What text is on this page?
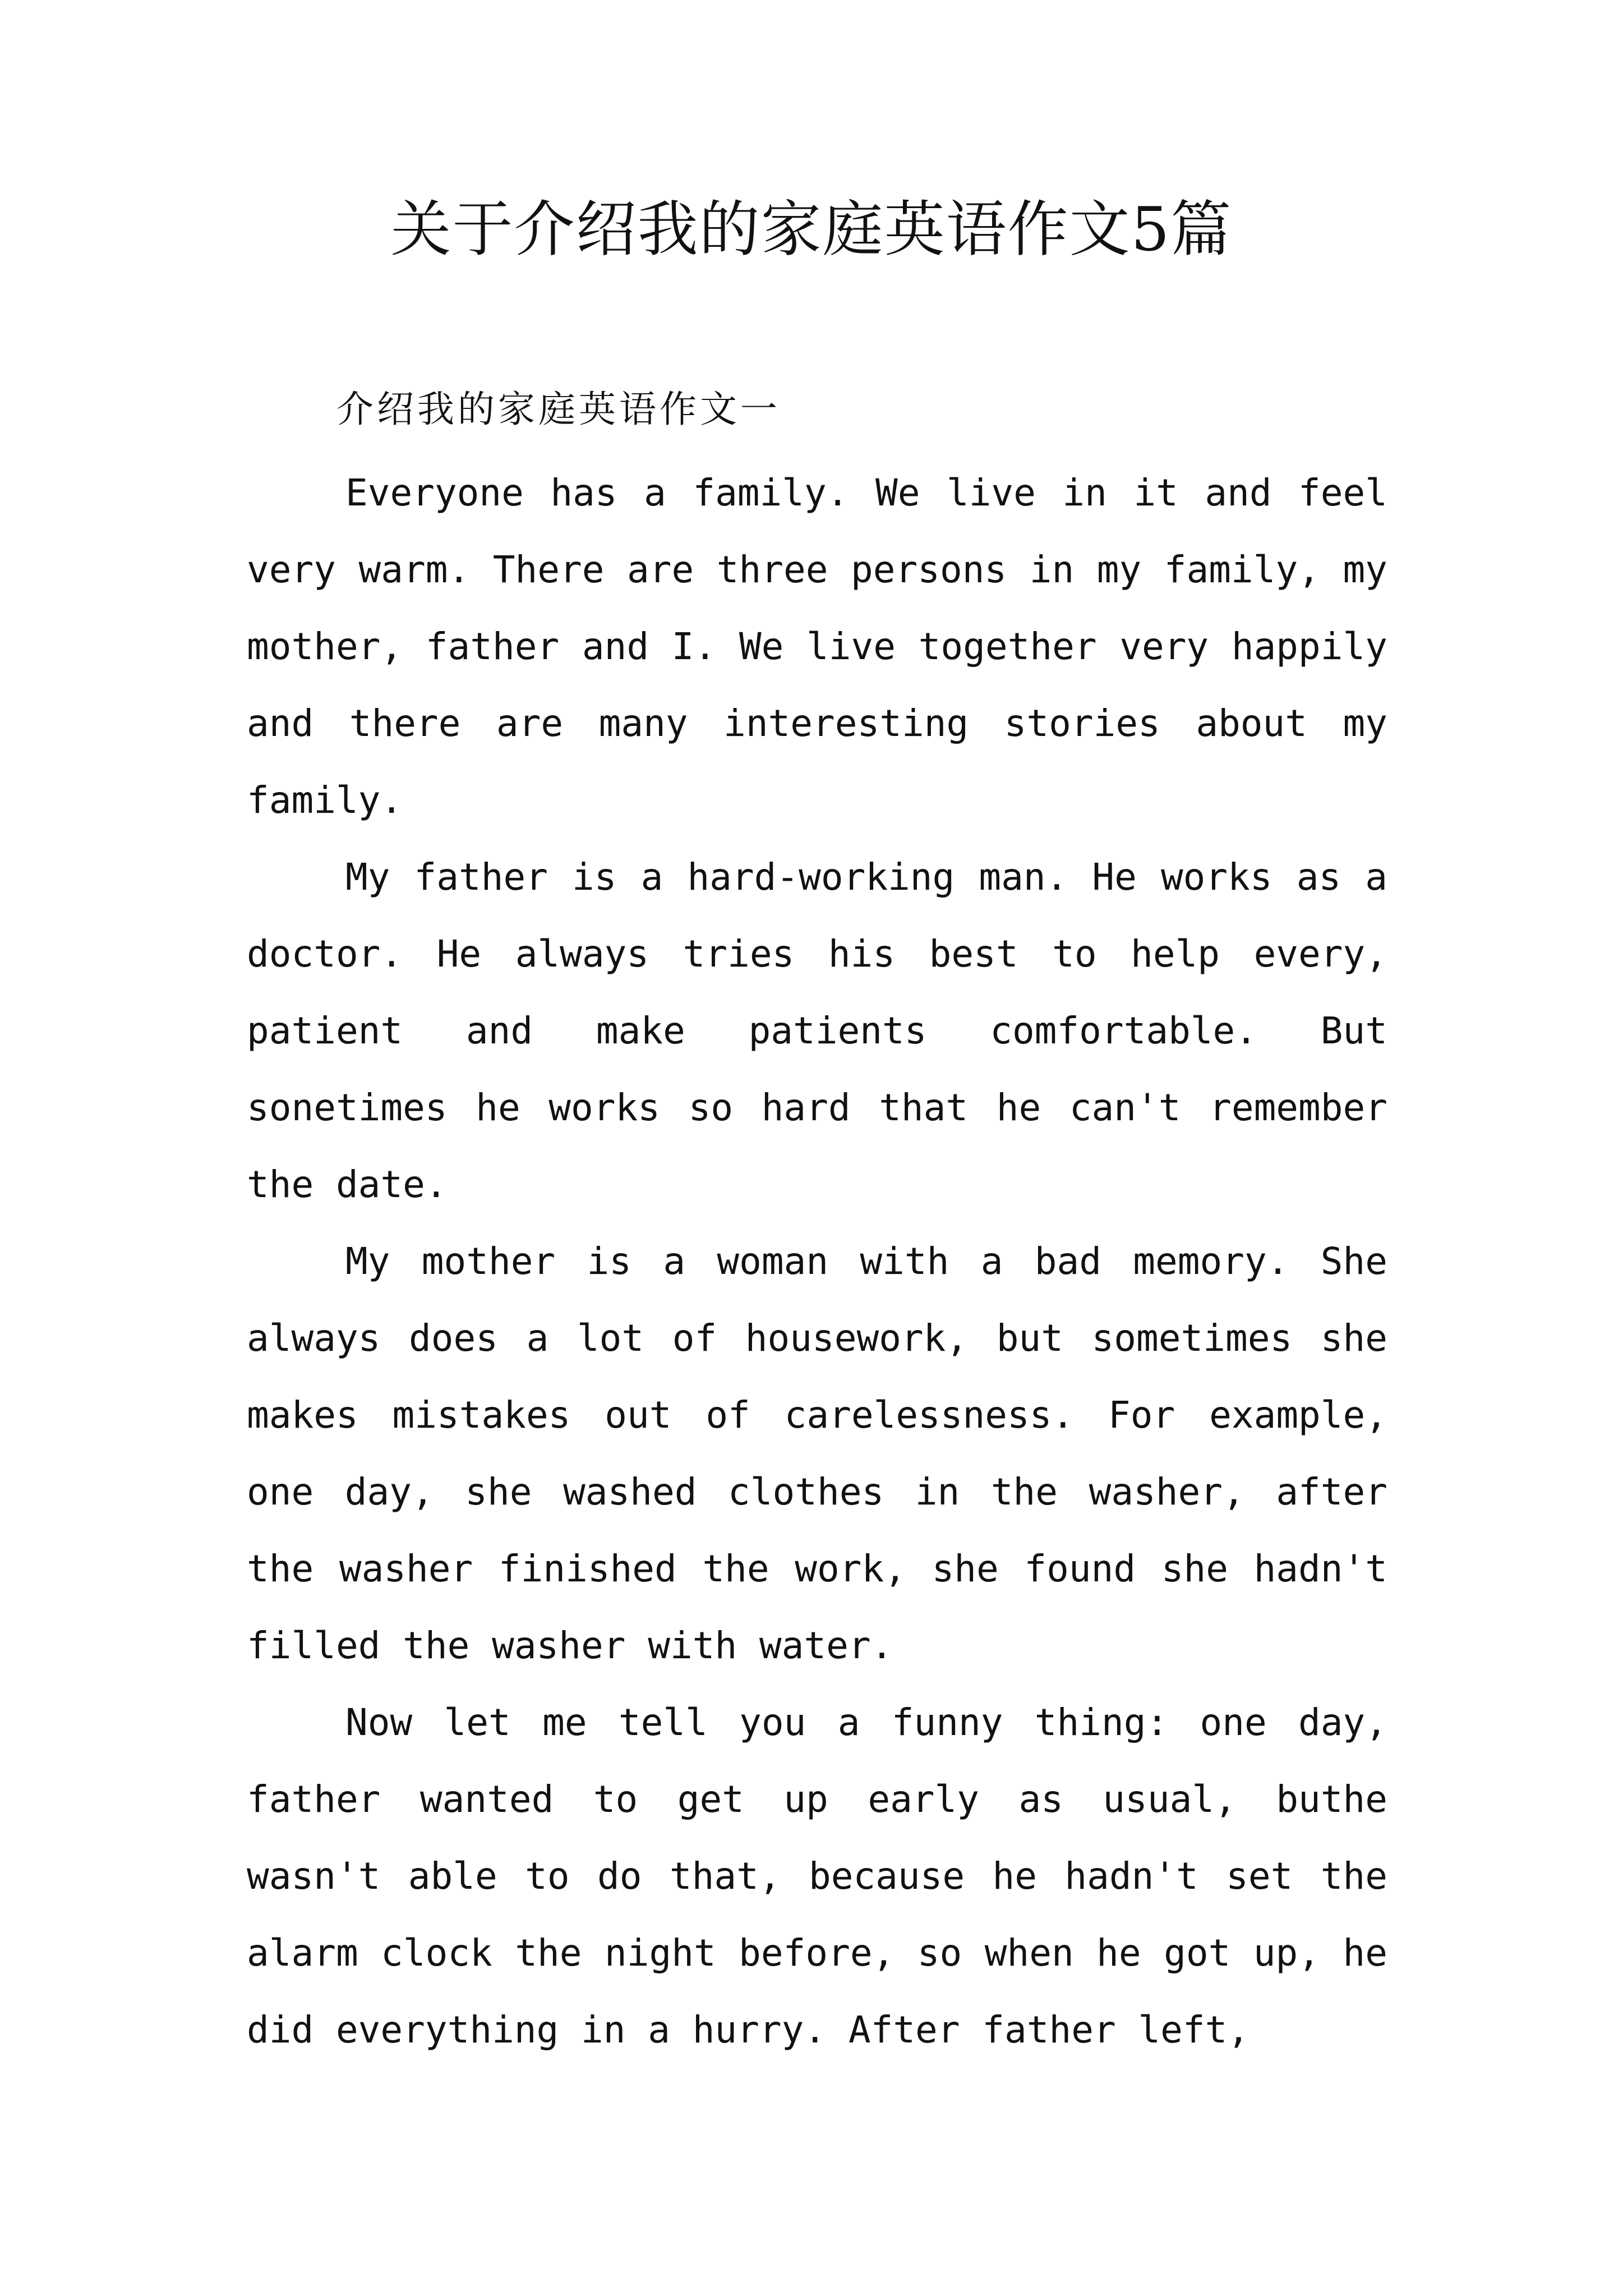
关于介绍我的家庭英语作文5篇

介绍我的家庭英语作文一

Everyone has a family. We live in it and feel very warm. There are three persons in my family, my mother, father and I. We live together very happily and there are many interesting stories about my family.

My father is a hard-working man. He works as a doctor. He always tries his best to help every, patient and make patients comfortable. But sonetimes he works so hard that he can't remember the date.

My mother is a woman with a bad memory. She always does a lot of housework, but sometimes she makes mistakes out of carelessness. For example, one day, she washed clothes in the washer, after the washer finished the work, she found she hadn't filled the washer with water.

Now let me tell you a funny thing: one day, father wanted to get up early as usual, buthe wasn't able to do that, because he hadn't set the alarm clock the night before, so when he got up, he did everything in a hurry. After father left,
